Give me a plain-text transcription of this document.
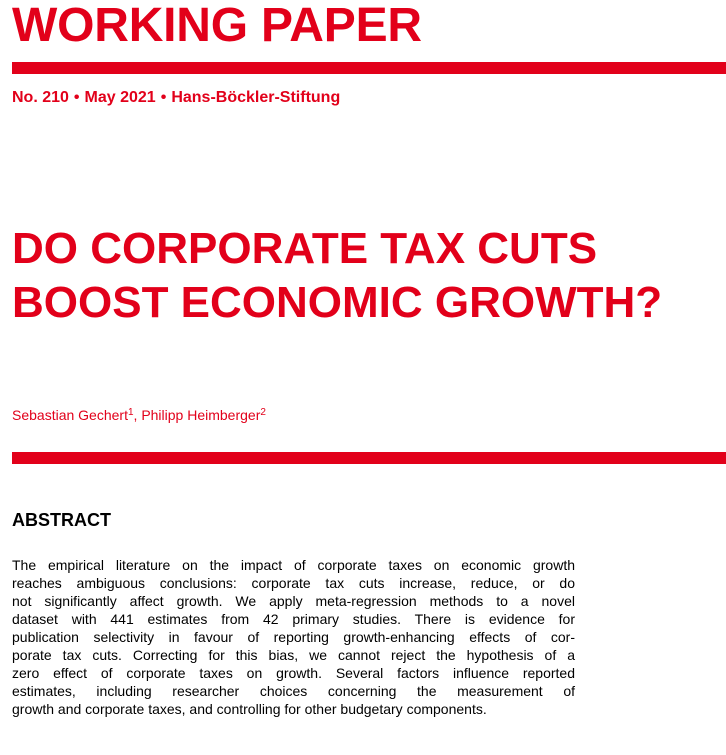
WORKING PAPER
No. 210 • May 2021 • Hans-Böckler-Stiftung
DO CORPORATE TAX CUTS
BOOST ECONOMIC GROWTH?
Sebastian Gechert$^1$, Philipp Heimberger$^2$
ABSTRACT
The empirical literature on the impact of corporate taxes on economic growth
reaches ambiguous conclusions: corporate tax cuts increase, reduce, or do
not significantly affect growth. We apply meta-regression methods to a novel
dataset with 441 estimates from 42 primary studies. There is evidence for
publication selectivity in favour of reporting growth-enhancing effects of cor-
porate tax cuts. Correcting for this bias, we cannot reject the hypothesis of a
zero effect of corporate taxes on growth. Several factors influence reported
estimates, including researcher choices concerning the measurement of
growth and corporate taxes, and controlling for other budgetary components.
